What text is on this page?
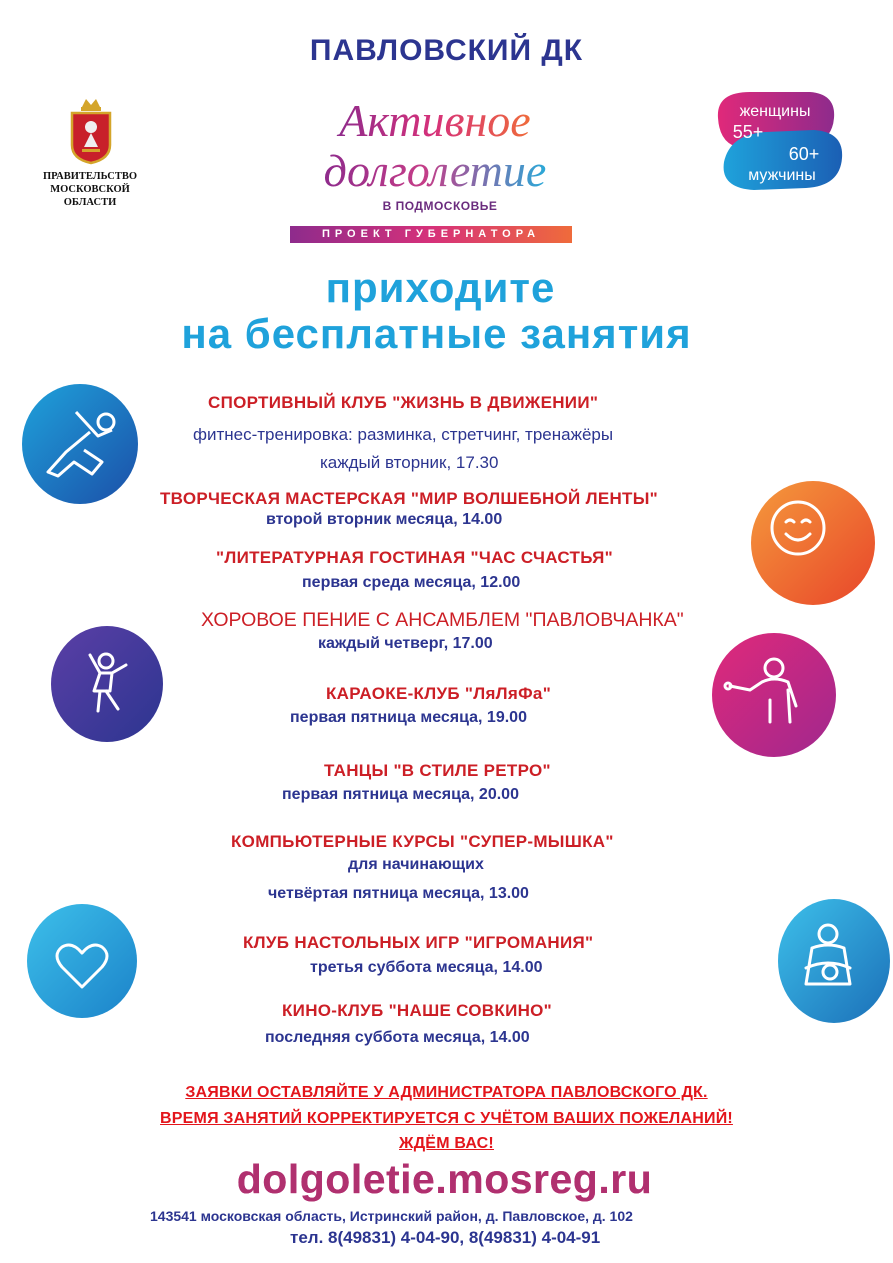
ПАВЛОВСКИЙ ДК
ПРАВИТЕЛЬСТВО
МОСКОВСКОЙ
ОБЛАСТИ
Активное
долголетие
В ПОДМОСКОВЬЕ
ПРОЕКТ ГУБЕРНАТОРА
женщины
55+
60+
мужчины
приходите
на бесплатные занятия
СПОРТИВНЫЙ КЛУБ "ЖИЗНЬ В ДВИЖЕНИИ"
фитнес-тренировка: разминка, стретчинг, тренажёры
каждый вторник, 17.30
ТВОРЧЕСКАЯ МАСТЕРСКАЯ "МИР ВОЛШЕБНОЙ ЛЕНТЫ"
второй вторник месяца, 14.00
"ЛИТЕРАТУРНАЯ ГОСТИНАЯ "ЧАС СЧАСТЬЯ"
первая среда месяца, 12.00
ХОРОВОЕ ПЕНИЕ С АНСАМБЛЕМ "ПАВЛОВЧАНКА"
каждый четверг, 17.00
КАРАОКЕ-КЛУБ "ЛяЛяФа"
первая пятница месяца, 19.00
ТАНЦЫ "В СТИЛЕ РЕТРО"
первая пятница месяца, 20.00
КОМПЬЮТЕРНЫЕ КУРСЫ "СУПЕР-МЫШКА"
для начинающих
четвёртая пятница месяца, 13.00
КЛУБ НАСТОЛЬНЫХ ИГР "ИГРОМАНИЯ"
третья суббота месяца, 14.00
КИНО-КЛУБ "НАШЕ СОВКИНО"
последняя суббота месяца, 14.00
ЗАЯВКИ ОСТАВЛЯЙТЕ У АДМИНИСТРАТОРА ПАВЛОВСКОГО ДК.
ВРЕМЯ ЗАНЯТИЙ КОРРЕКТИРУЕТСЯ С УЧЁТОМ ВАШИХ ПОЖЕЛАНИЙ!
ЖДЁМ ВАС!
dolgoletie.mosreg.ru
143541 московская область, Истринский район, д. Павловское, д. 102
тел. 8(49831) 4-04-90, 8(49831) 4-04-91
